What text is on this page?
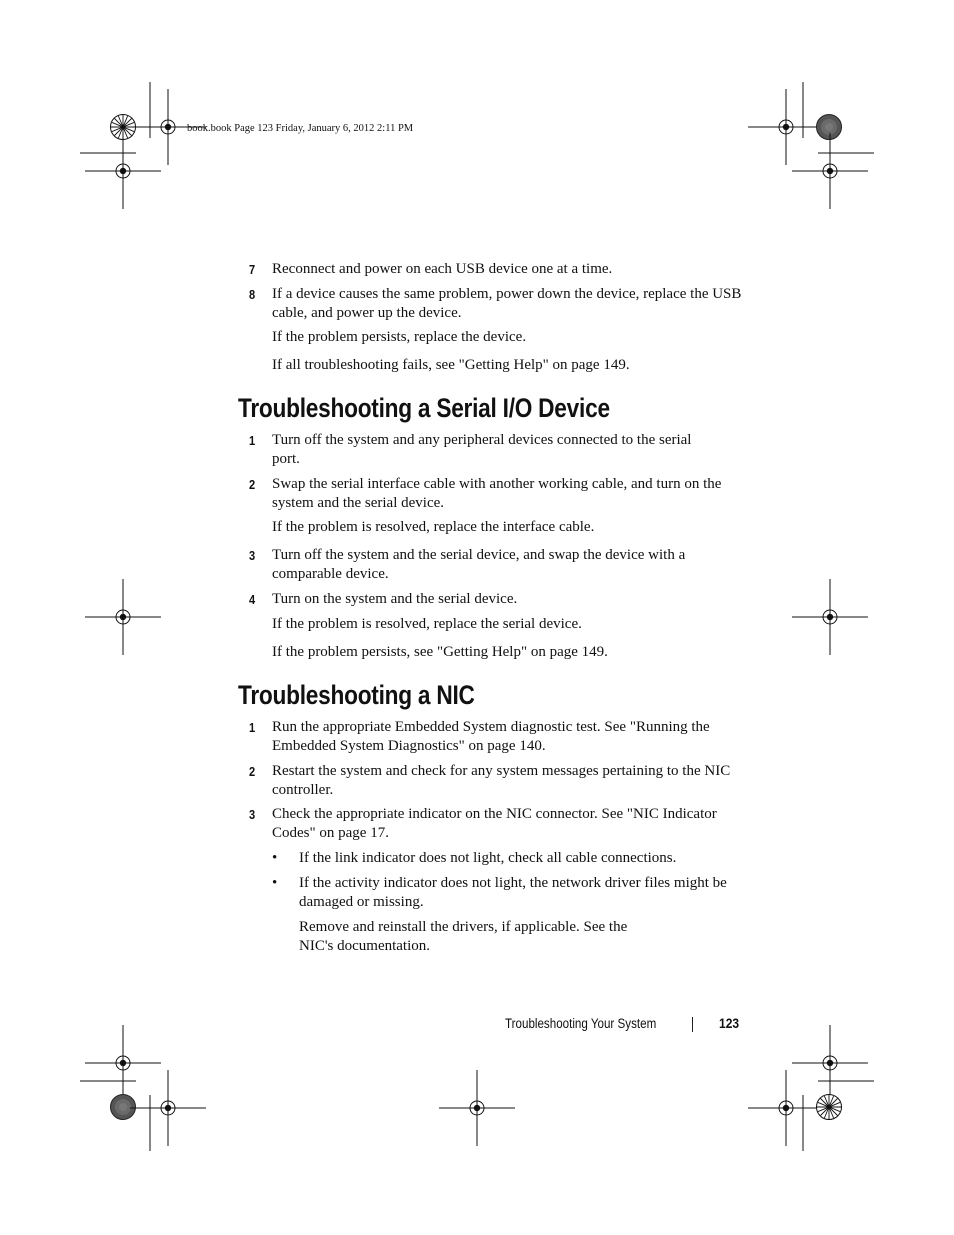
book.book Page 123 Friday, January 6, 2012 2:11 PM
7	Reconnect and power on each USB device one at a time.
8	If a device causes the same problem, power down the device, replace the USB cable, and power up the device.
If the problem persists, replace the device.
If all troubleshooting fails, see "Getting Help" on page 149.
Troubleshooting a Serial I/O Device
1	Turn off the system and any peripheral devices connected to the serial port.
2	Swap the serial interface cable with another working cable, and turn on the system and the serial device.
If the problem is resolved, replace the interface cable.
3	Turn off the system and the serial device, and swap the device with a comparable device.
4	Turn on the system and the serial device.
If the problem is resolved, replace the serial device.
If the problem persists, see "Getting Help" on page 149.
Troubleshooting a NIC
1	Run the appropriate Embedded System diagnostic test. See "Running the Embedded System Diagnostics" on page 140.
2	Restart the system and check for any system messages pertaining to the NIC controller.
3	Check the appropriate indicator on the NIC connector. See "NIC Indicator Codes" on page 17.
• If the link indicator does not light, check all cable connections.
• If the activity indicator does not light, the network driver files might be damaged or missing.
Remove and reinstall the drivers, if applicable. See the NIC's documentation.
Troubleshooting Your System	123
